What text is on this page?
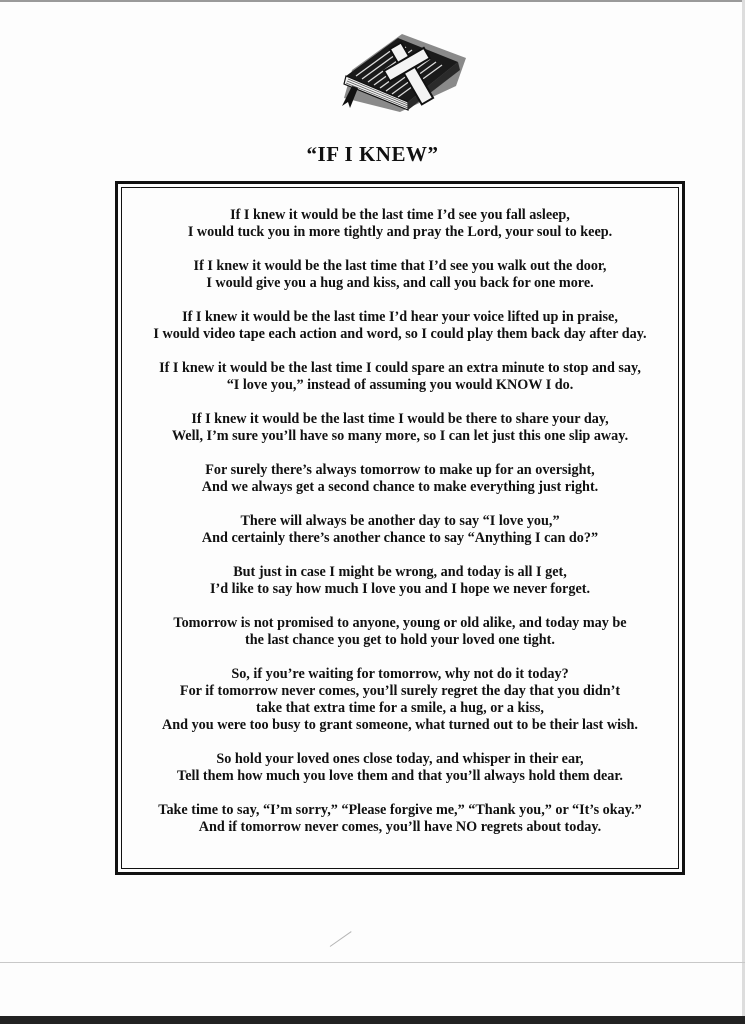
“IF I KNEW”
If I knew it would be the last time I’d see you fall asleep,
I would tuck you in more tightly and pray the Lord, your soul to keep.
If I knew it would be the last time that I’d see you walk out the door,
I would give you a hug and kiss, and call you back for one more.
If I knew it would be the last time I’d hear your voice lifted up in praise,
I would video tape each action and word, so I could play them back day after day.
If I knew it would be the last time I could spare an extra minute to stop and say,
“I love you,” instead of assuming you would KNOW I do.
If I knew it would be the last time I would be there to share your day,
Well, I’m sure you’ll have so many more, so I can let just this one slip away.
For surely there’s always tomorrow to make up for an oversight,
And we always get a second chance to make everything just right.
There will always be another day to say “I love you,”
And certainly there’s another chance to say “Anything I can do?”
But just in case I might be wrong, and today is all I get,
I’d like to say how much I love you and I hope we never forget.
Tomorrow is not promised to anyone, young or old alike, and today may be
the last chance you get to hold your loved one tight.
So, if you’re waiting for tomorrow, why not do it today?
For if tomorrow never comes, you’ll surely regret the day that you didn’t
take that extra time for a smile, a hug, or a kiss,
And you were too busy to grant someone, what turned out to be their last wish.
So hold your loved ones close today, and whisper in their ear,
Tell them how much you love them and that you’ll always hold them dear.
Take time to say, “I’m sorry,” “Please forgive me,” “Thank you,” or “It’s okay.”
And if tomorrow never comes, you’ll have NO regrets about today.
